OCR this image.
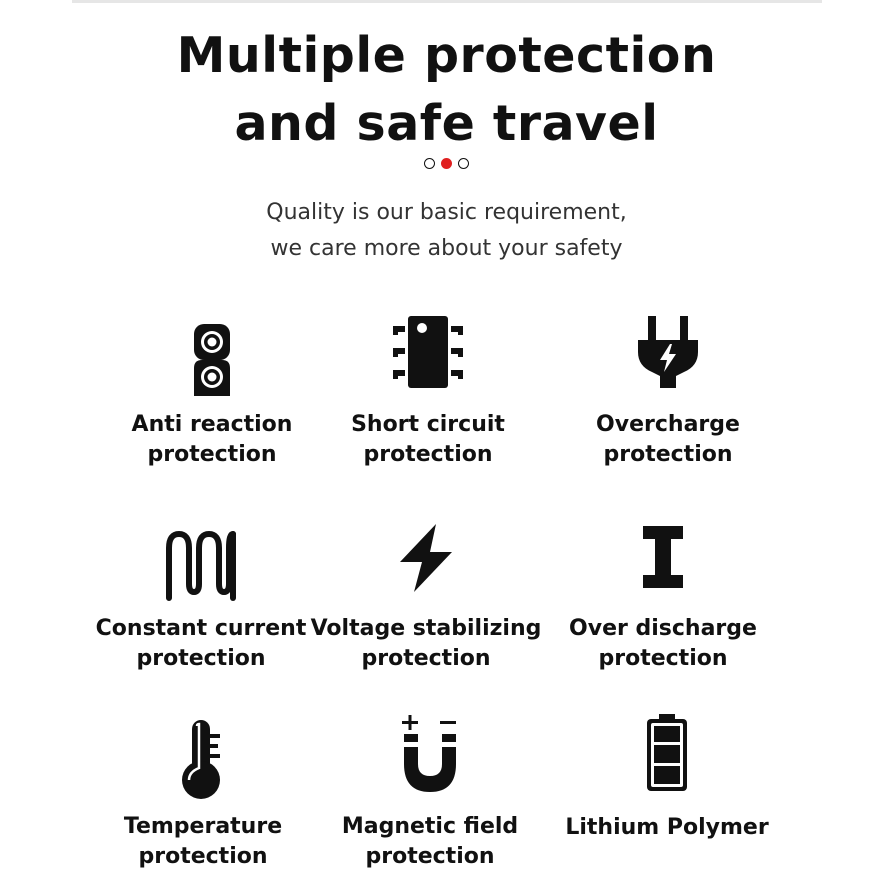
Multiple protection
and safe travel
Quality is our basic requirement,
we care more about your safety
Anti reaction
protection
Short circuit
protection
Overcharge
protection
Constant current
protection
Voltage stabilizing
protection
Over discharge
protection
Temperature
protection
Magnetic field
protection
Lithium Polymer
